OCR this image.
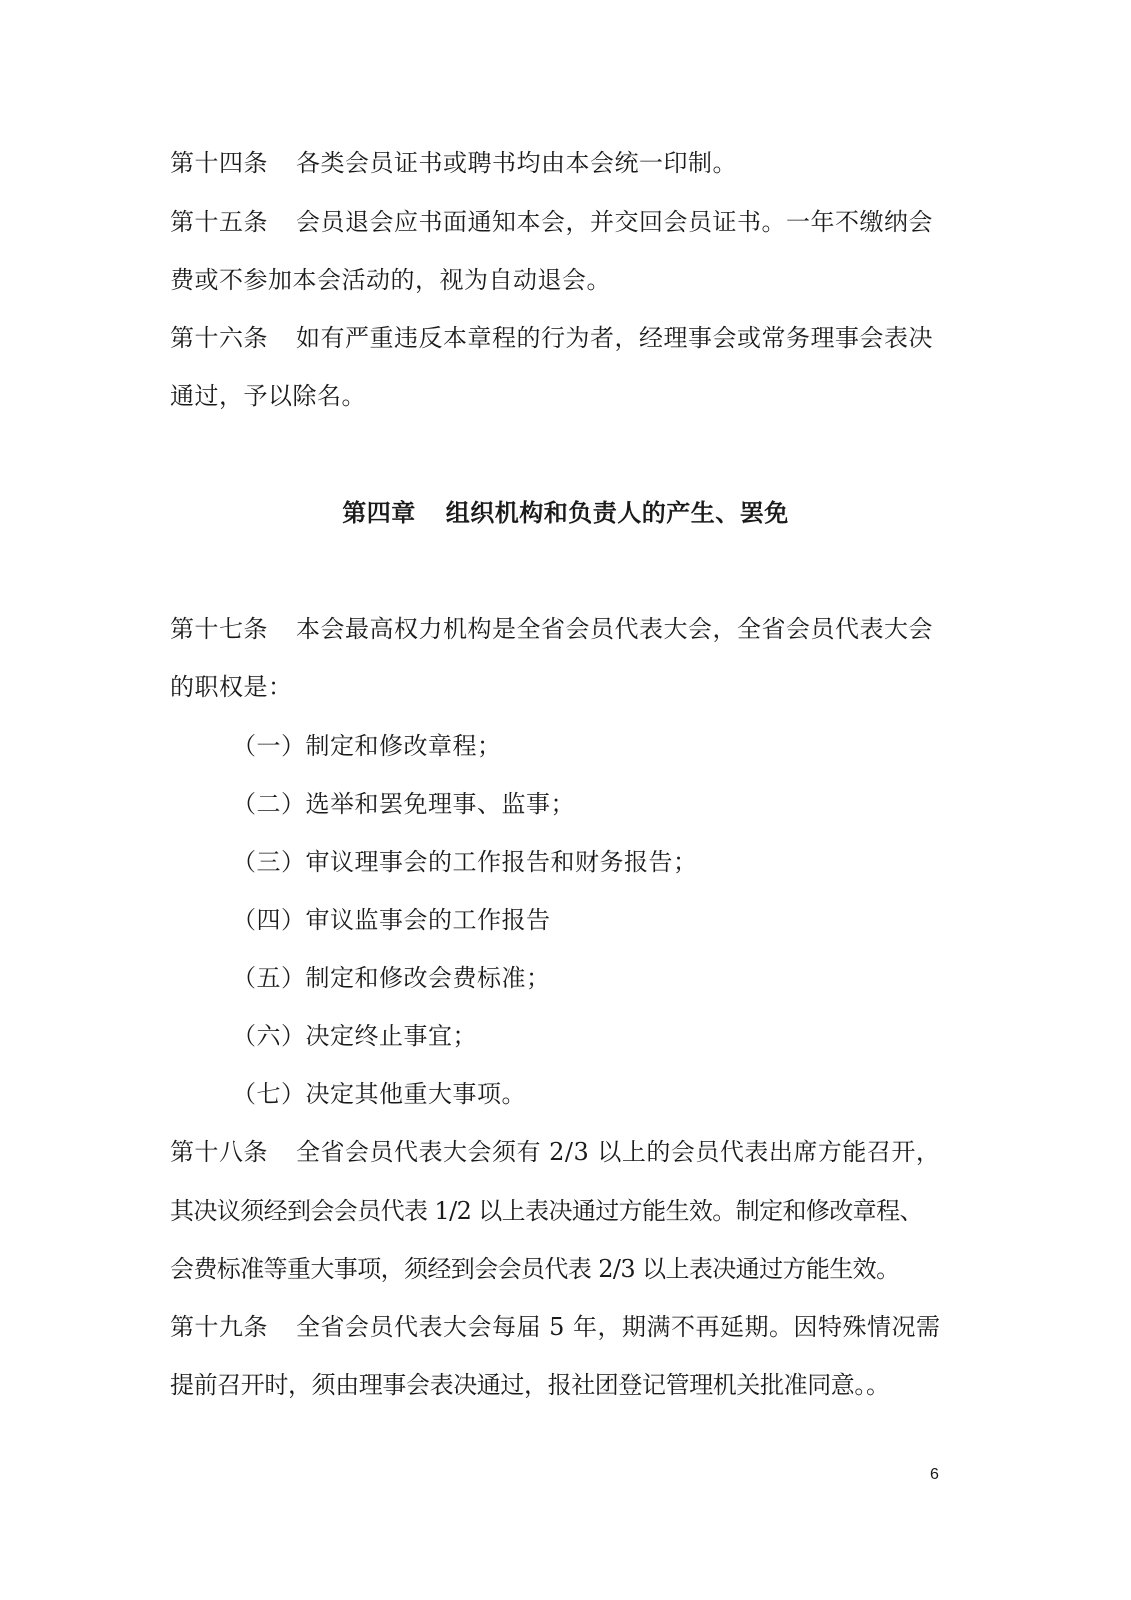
第十四条 各类会员证书或聘书均由本会统一印制。
第十五条 会员退会应书面通知本会，并交回会员证书。一年不缴纳会
费或不参加本会活动的，视为自动退会。
第十六条 如有严重违反本章程的行为者，经理事会或常务理事会表决
通过，予以除名。
第四章 组织机构和负责人的产生、罢免
第十七条 本会最高权力机构是全省会员代表大会，全省会员代表大会
的职权是：
（一）制定和修改章程；
（二）选举和罢免理事、监事；
（三）审议理事会的工作报告和财务报告；
（四）审议监事会的工作报告
（五）制定和修改会费标准；
（六）决定终止事宜；
（七）决定其他重大事项。
第十八条 全省会员代表大会须有 2/3 以上的会员代表出席方能召开，
其决议须经到会会员代表 1/2 以上表决通过方能生效。制定和修改章程、
会费标准等重大事项，须经到会会员代表 2/3 以上表决通过方能生效。
第十九条 全省会员代表大会每届 5 年，期满不再延期。因特殊情况需
提前召开时，须由理事会表决通过，报社团登记管理机关批准同意。。
6
